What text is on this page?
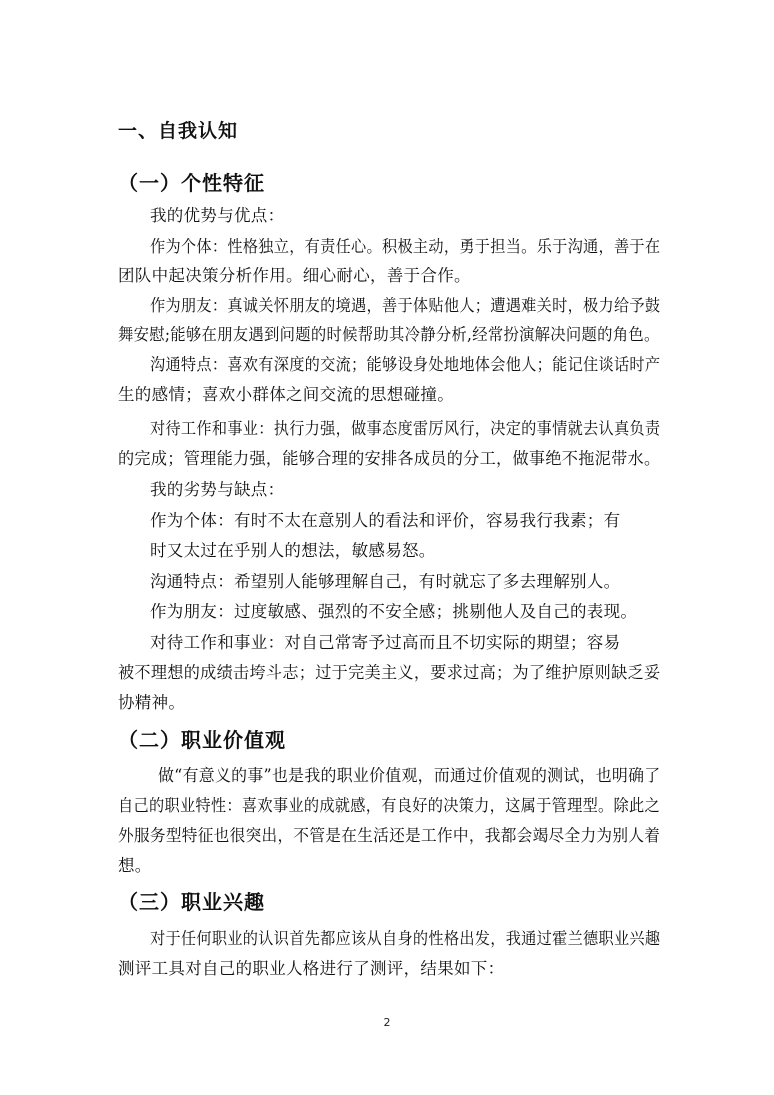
一、自我认知
（一）个性特征
我的优势与优点：
作为个体：性格独立，有责任心。积极主动，勇于担当。乐于沟通，善于在
团队中起决策分析作用。细心耐心，善于合作。
作为朋友：真诚关怀朋友的境遇，善于体贴他人；遭遇难关时，极力给予鼓
舞安慰;能够在朋友遇到问题的时候帮助其冷静分析,经常扮演解决问题的角色。
沟通特点：喜欢有深度的交流；能够设身处地地体会他人；能记住谈话时产
生的感情；喜欢小群体之间交流的思想碰撞。
对待工作和事业：执行力强，做事态度雷厉风行，决定的事情就去认真负责
的完成；管理能力强，能够合理的安排各成员的分工，做事绝不拖泥带水。
我的劣势与缺点：
作为个体：有时不太在意别人的看法和评价，容易我行我素；有
时又太过在乎别人的想法，敏感易怒。
沟通特点：希望别人能够理解自己，有时就忘了多去理解别人。
作为朋友：过度敏感、强烈的不安全感；挑剔他人及自己的表现。
对待工作和事业：对自己常寄予过高而且不切实际的期望；容易
被不理想的成绩击垮斗志；过于完美主义，要求过高；为了维护原则缺乏妥
协精神。
（二）职业价值观
做“有意义的事”也是我的职业价值观，而通过价值观的测试，也明确了
自己的职业特性：喜欢事业的成就感，有良好的决策力，这属于管理型。除此之
外服务型特征也很突出，不管是在生活还是工作中，我都会竭尽全力为别人着
想。
（三）职业兴趣
对于任何职业的认识首先都应该从自身的性格出发，我通过霍兰德职业兴趣
测评工具对自己的职业人格进行了测评，结果如下：
2
